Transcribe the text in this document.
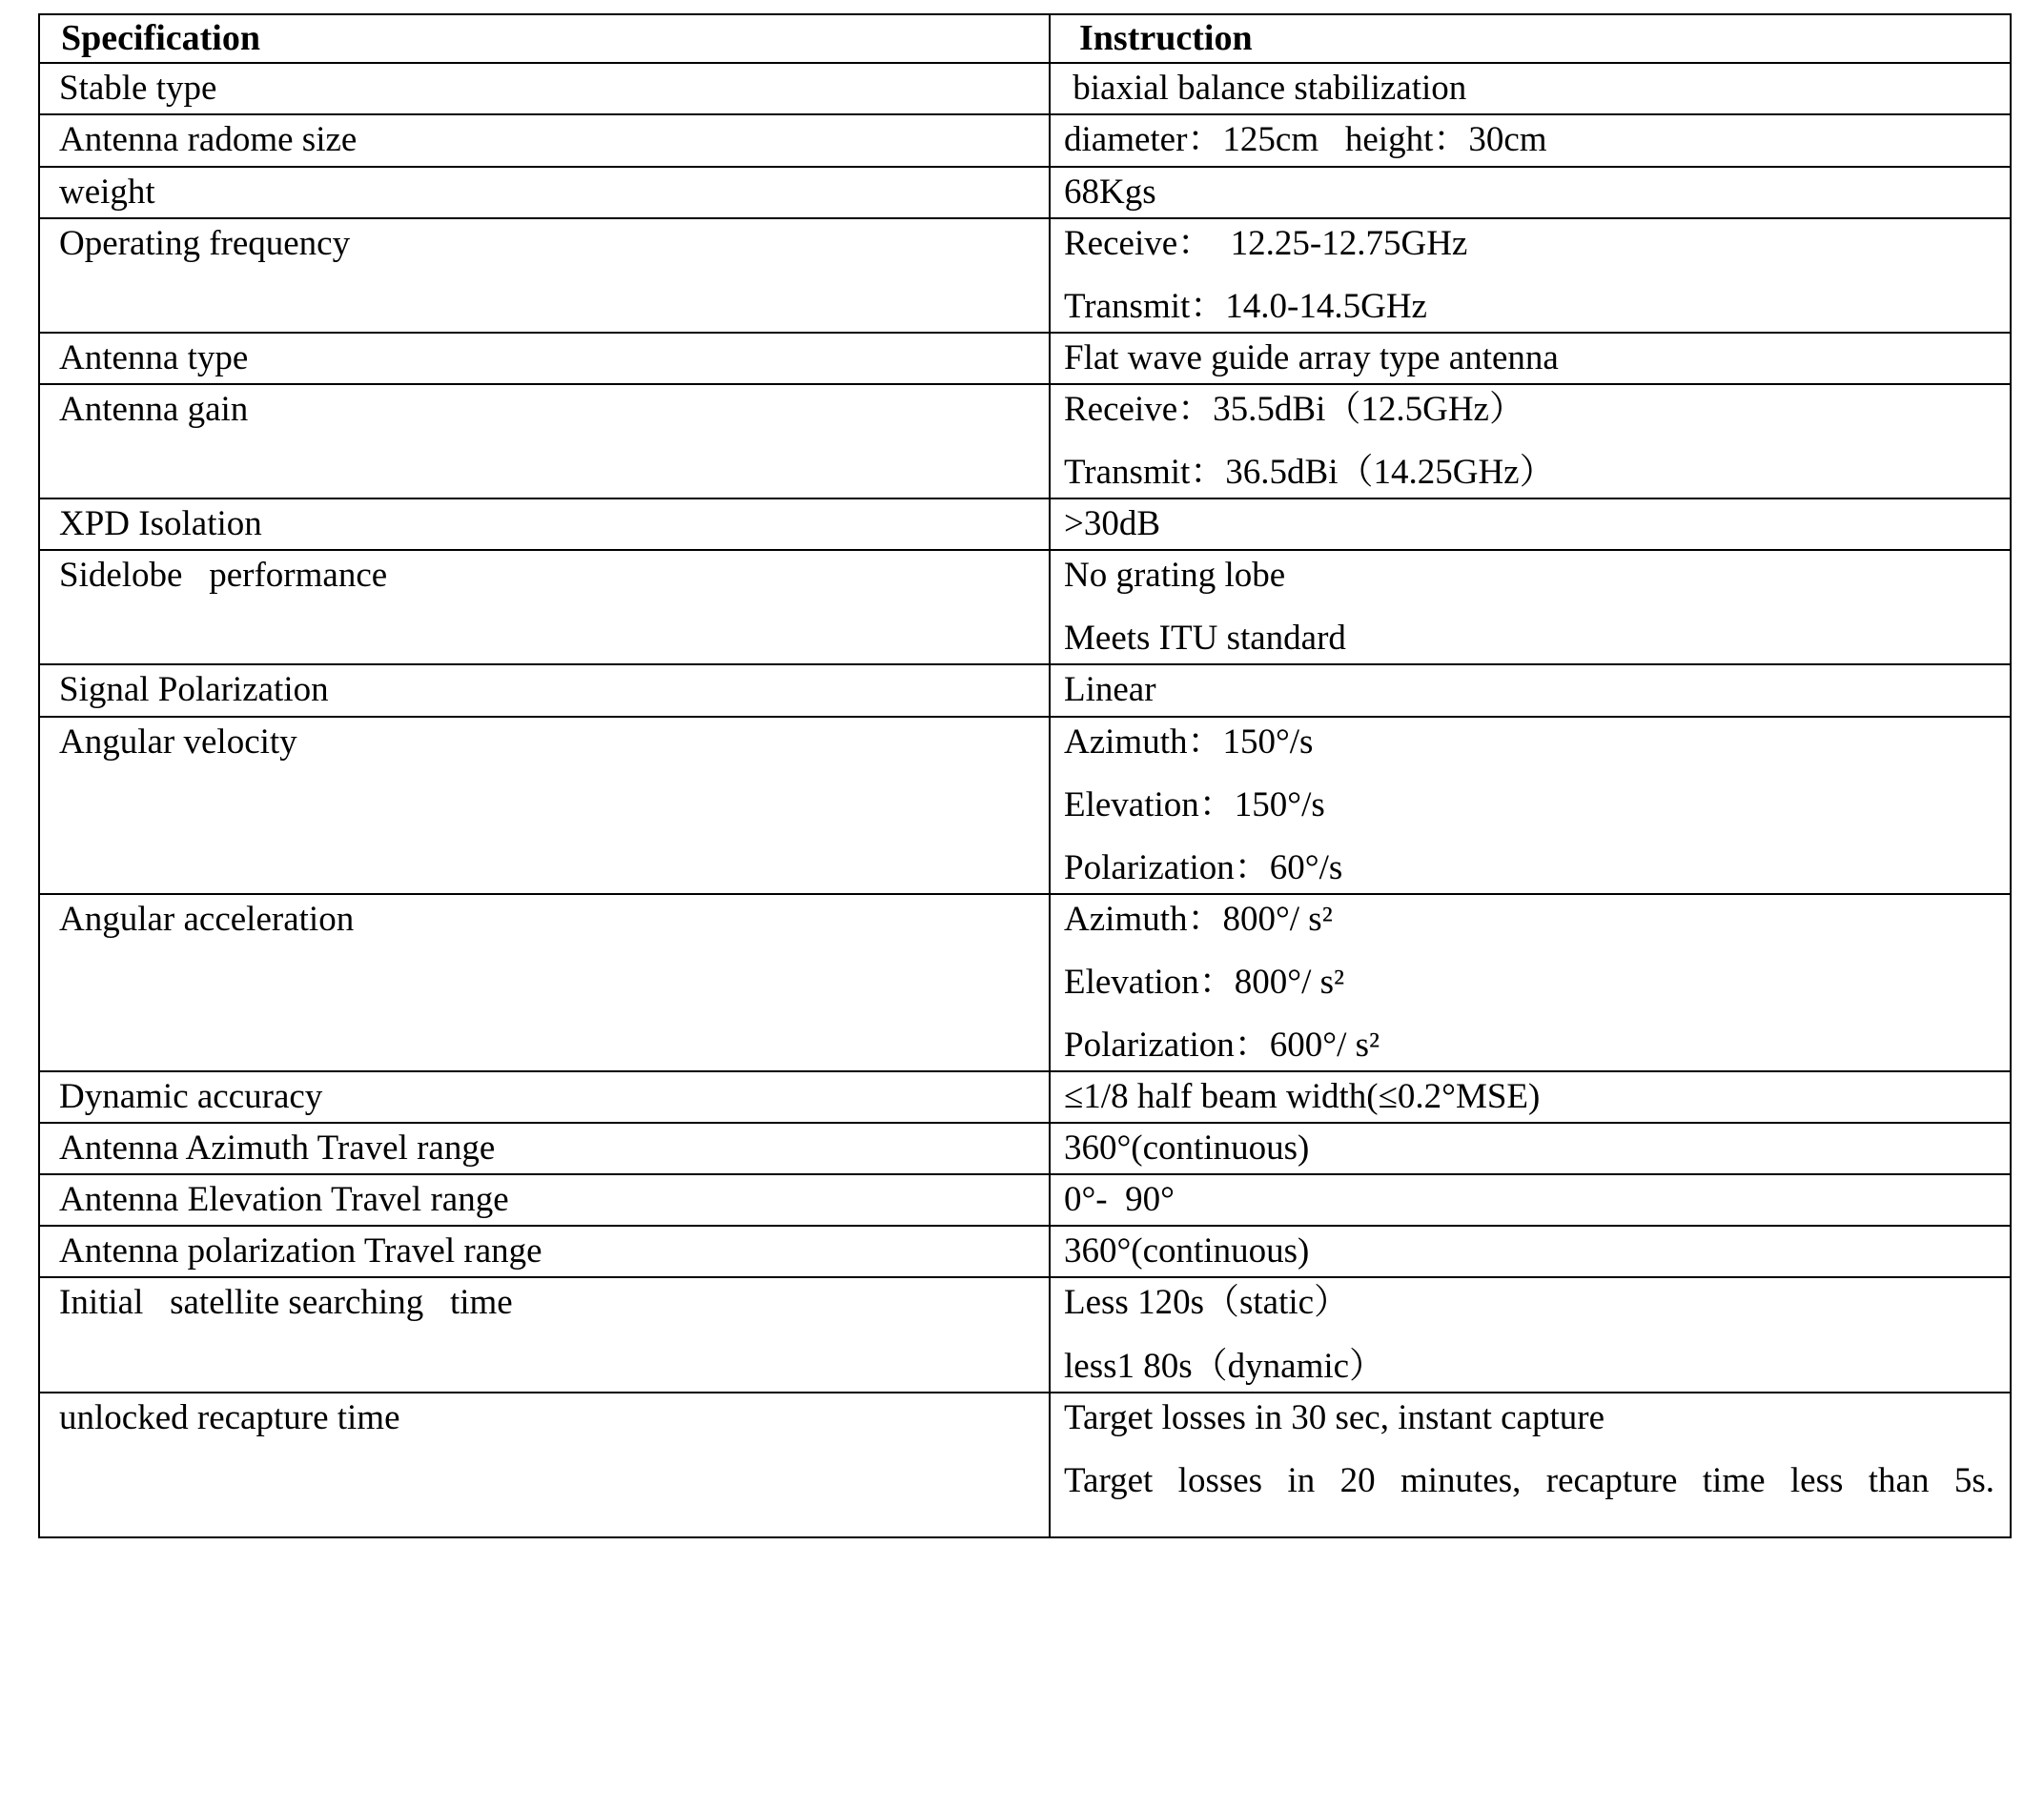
Specification	Instruction

Stable type	biaxial balance stabilization

Antenna radome size	diameter：125cm   height：30cm

weight	68Kgs

Operating frequency	Receive：  12.25-12.75GHz
Transmit：14.0-14.5GHz

Antenna type	Flat wave guide array type antenna

Antenna gain	Receive：35.5dBi（12.5GHz）
Transmit：36.5dBi（14.25GHz）

XPD Isolation	>30dB

Sidelobe   performance	No grating lobe
Meets ITU standard

Signal Polarization	Linear

Angular velocity	Azimuth：150°/s
Elevation：150°/s
Polarization：60°/s

Angular acceleration	Azimuth：800°/ s²
Elevation：800°/ s²
Polarization：600°/ s²

Dynamic accuracy	≤1/8 half beam width(≤0.2°MSE)

Antenna Azimuth Travel range	360°(continuous)

Antenna Elevation Travel range	0°-  90°

Antenna polarization Travel range	360°(continuous)

Initial   satellite searching   time	Less 120s（static）
less1 80s（dynamic）

unlocked recapture time	Target losses in 30 sec, instant capture
Target losses in 20 minutes, recapture time less than 5s.
